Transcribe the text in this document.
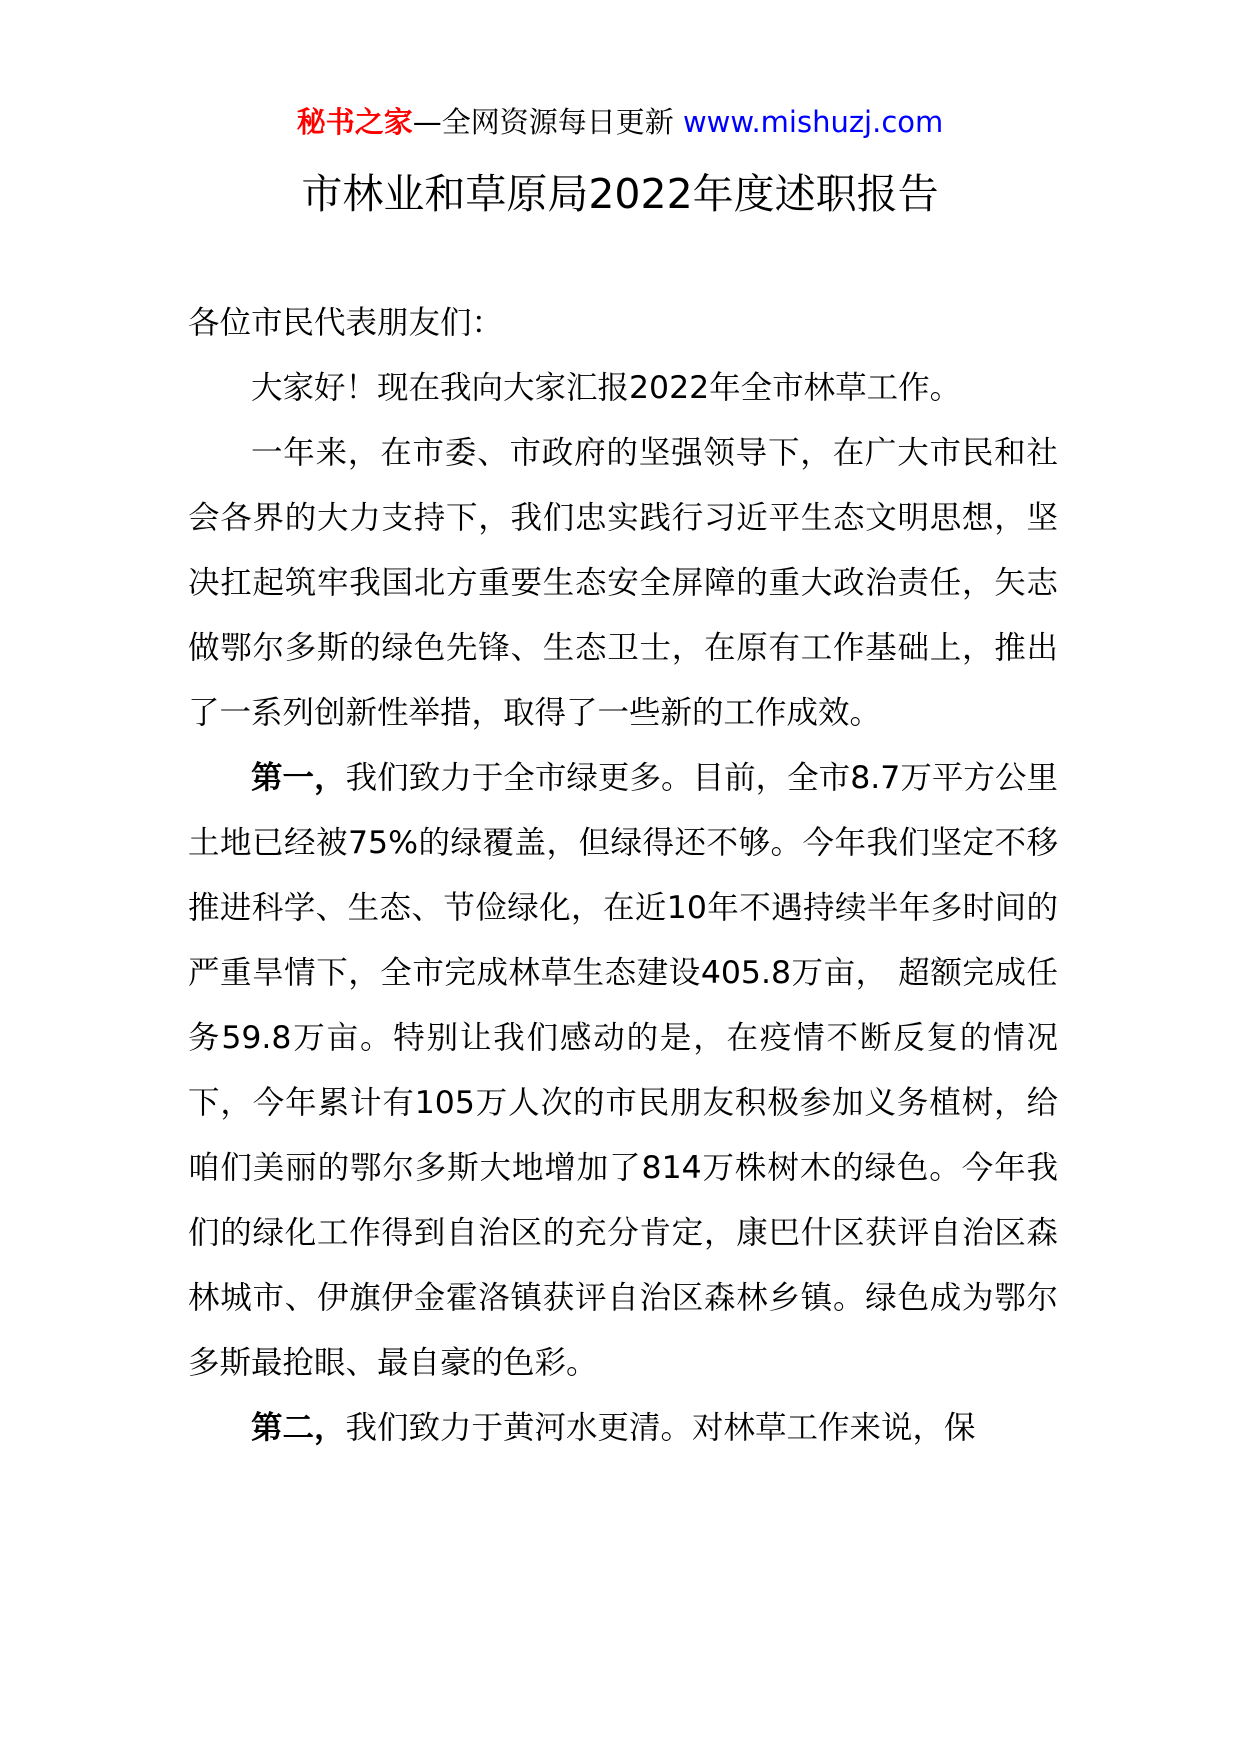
秘书之家—全网资源每日更新 www.mishuzj.com
市林业和草原局2022年度述职报告

各位市民代表朋友们：

大家好！现在我向大家汇报2022年全市林草工作。

一年来，在市委、市政府的坚强领导下，在广大市民和社会各界的大力支持下，我们忠实践行习近平生态文明思想，坚决扛起筑牢我国北方重要生态安全屏障的重大政治责任，矢志做鄂尔多斯的绿色先锋、生态卫士，在原有工作基础上，推出了一系列创新性举措，取得了一些新的工作成效。

第一，我们致力于全市绿更多。目前，全市8.7万平方公里土地已经被75%的绿覆盖，但绿得还不够。今年我们坚定不移推进科学、生态、节俭绿化，在近10年不遇持续半年多时间的严重旱情下，全市完成林草生态建设405.8万亩， 超额完成任务59.8万亩。特别让我们感动的是，在疫情不断反复的情况下，今年累计有105万人次的市民朋友积极参加义务植树，给咱们美丽的鄂尔多斯大地增加了814万株树木的绿色。今年我们的绿化工作得到自治区的充分肯定，康巴什区获评自治区森林城市、伊旗伊金霍洛镇获评自治区森林乡镇。绿色成为鄂尔多斯最抢眼、最自豪的色彩。

第二，我们致力于黄河水更清。对林草工作来说，保
